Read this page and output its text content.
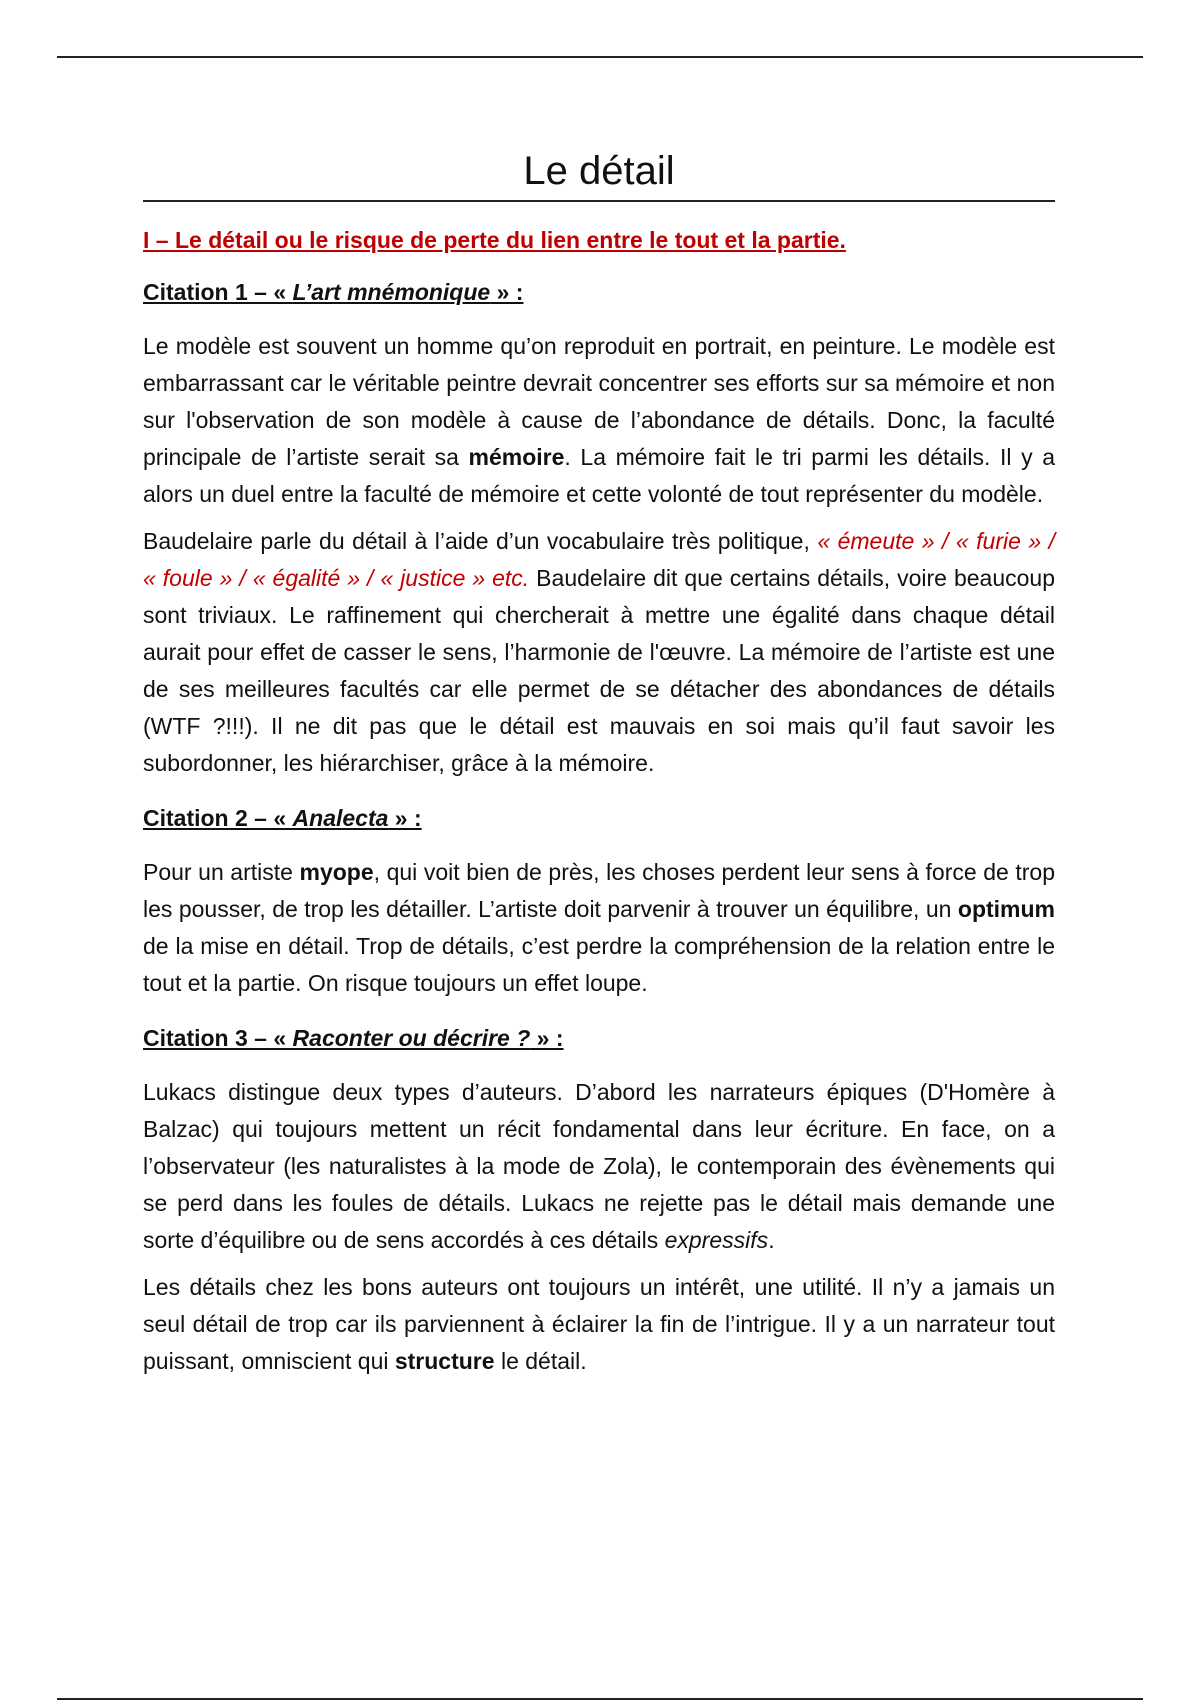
Le détail

I – Le détail ou le risque de perte du lien entre le tout et la partie.

Citation 1 – « L’art mnémonique » :

Le modèle est souvent un homme qu’on reproduit en portrait, en peinture. Le modèle est embarrassant car le véritable peintre devrait concentrer ses efforts sur sa mémoire et non sur l'observation de son modèle à cause de l’abondance de détails. Donc, la faculté principale de l’artiste serait sa mémoire. La mémoire fait le tri parmi les détails. Il y a alors un duel entre la faculté de mémoire et cette volonté de tout représenter du modèle.

Baudelaire parle du détail à l’aide d’un vocabulaire très politique, « émeute » / « furie » / « foule » / « égalité » / « justice » etc. Baudelaire dit que certains détails, voire beaucoup sont triviaux. Le raffinement qui chercherait à mettre une égalité dans chaque détail aurait pour effet de casser le sens, l’harmonie de l'œuvre. La mémoire de l’artiste est une de ses meilleures facultés car elle permet de se détacher des abondances de détails (WTF ?!!!). Il ne dit pas que le détail est mauvais en soi mais qu’il faut savoir les subordonner, les hiérarchiser, grâce à la mémoire.

Citation 2 – « Analecta » :

Pour un artiste myope, qui voit bien de près, les choses perdent leur sens à force de trop les pousser, de trop les détailler. L’artiste doit parvenir à trouver un équilibre, un optimum de la mise en détail. Trop de détails, c’est perdre la compréhension de la relation entre le tout et la partie. On risque toujours un effet loupe.

Citation 3 – « Raconter ou décrire ? » :

Lukacs distingue deux types d’auteurs. D’abord les narrateurs épiques (D'Homère à Balzac) qui toujours mettent un récit fondamental dans leur écriture. En face, on a l’observateur (les naturalistes à la mode de Zola), le contemporain des évènements qui se perd dans les foules de détails. Lukacs ne rejette pas le détail mais demande une sorte d’équilibre ou de sens accordés à ces détails expressifs.

Les détails chez les bons auteurs ont toujours un intérêt, une utilité. Il n’y a jamais un seul détail de trop car ils parviennent à éclairer la fin de l’intrigue. Il y a un narrateur tout puissant, omniscient qui structure le détail.
